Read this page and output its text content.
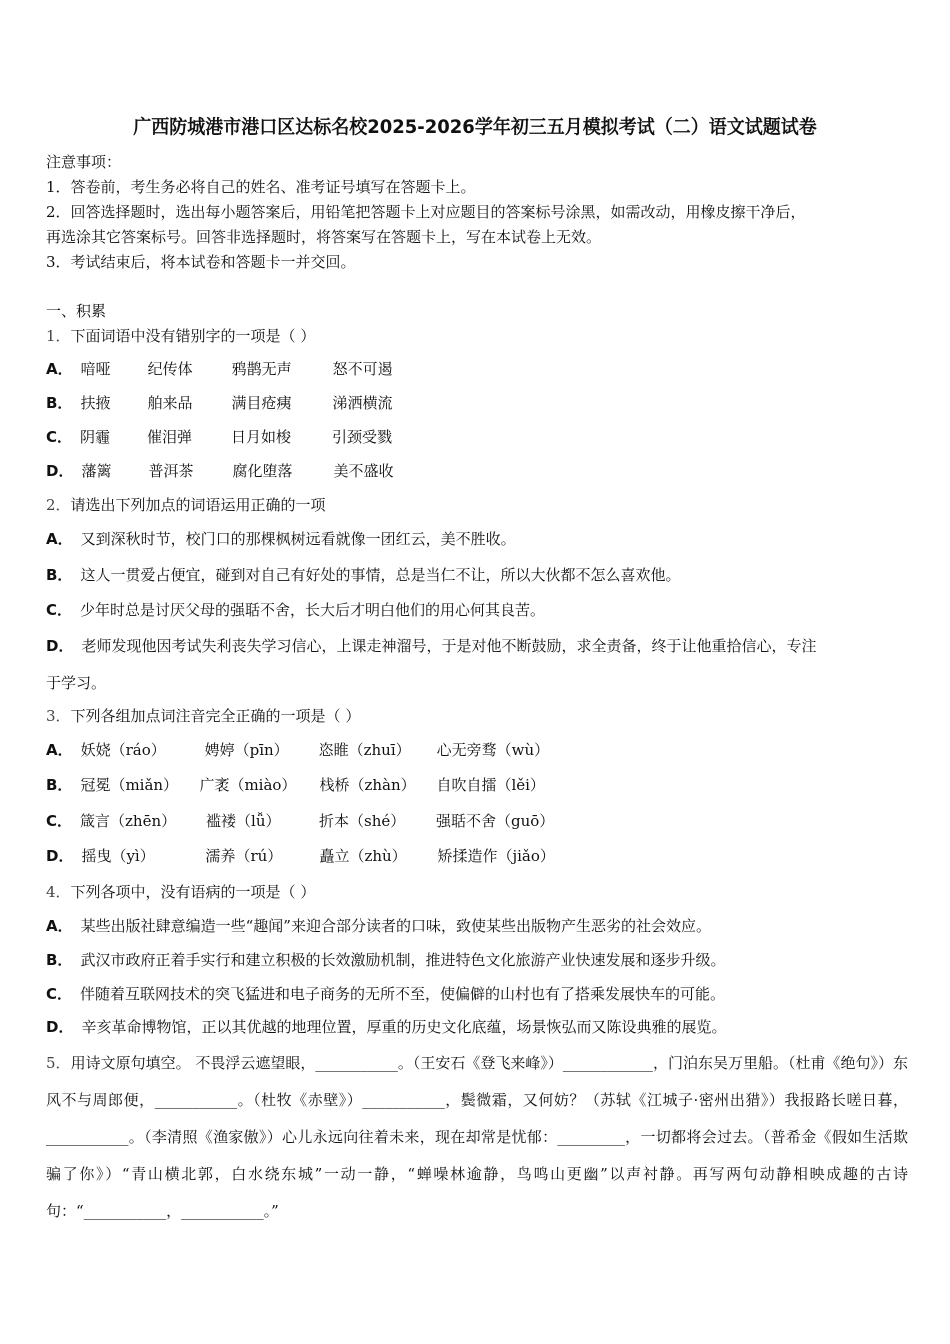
广西防城港市港口区达标名校2025-2026学年初三五月模拟考试（二）语文试题试卷
注意事项：
1．答卷前，考生务必将自己的姓名、准考证号填写在答题卡上。
2．回答选择题时，选出每小题答案后，用铅笔把答题卡上对应题目的答案标号涂黑，如需改动，用橡皮擦干净后，
再选涂其它答案标号。回答非选择题时，将答案写在答题卡上，写在本试卷上无效。
3．考试结束后，将本试卷和答题卡一并交回。
一、积累
1．下面词语中没有错别字的一项是（ ）
A． 喑哑 纪传体	鸦鹊无声	怒不可遏
B． 扶掖 舶来品	满目疮痍	涕洒横流
C． 阴霾 催泪弹	日月如梭	引颈受戮
D． 藩篱 普洱茶	腐化堕落	美不盛收
2．请选出下列加点的词语运用正确的一项
A． 又到深秋时节，校门口的那棵枫树远看就像一团红云，美不胜收。
B． 这人一贯爱占便宜，碰到对自己有好处的事情，总是当仁不让，所以大伙都不怎么喜欢他。
C． 少年时总是讨厌父母的强聒不舍，长大后才明白他们的用心何其良苦。
D． 老师发现他因考试失利丧失学习信心，上课走神溜号，于是对他不断鼓励，求全责备，终于让他重拾信心，专注
于学习。
3．下列各组加点词注音完全正确的一项是（ ）
A． 妖娆（ráo）	娉婷（pīn） 恣睢（zhuī） 心无旁骛（wù）
B． 冠冕（miǎn） 广袤（miào） 栈桥（zhàn） 自吹自擂（lěi）
C． 箴言（zhēn） 褴褛（lǚ）	折本（shé） 强聒不舍（guō）
D． 摇曳（yì）	濡养（rú） 矗立（zhù） 矫揉造作（jiǎo）
4．下列各项中，没有语病的一项是（ ）
A． 某些出版社肆意编造一些“趣闻”来迎合部分读者的口味，致使某些出版物产生恶劣的社会效应。
B． 武汉市政府正着手实行和建立积极的长效激励机制，推进特色文化旅游产业快速发展和逐步升级。
C． 伴随着互联网技术的突飞猛进和电子商务的无所不至，使偏僻的山村也有了搭乘发展快车的可能。
D． 辛亥革命博物馆，正以其优越的地理位置，厚重的历史文化底蕴，场景恢弘而又陈设典雅的展览。
5．用诗文原句填空。 不畏浮云遮望眼，___________。（王安石《登飞来峰》）____________，门泊东吴万里船。（杜甫《绝句》）东风不与周郎便，___________。（杜牧《赤壁》）___________，鬓微霜，又何妨？（苏轼《江城子·密州出猎》）我报路长嗟日暮，___________。（李清照《渔家傲》）心儿永远向往着未来，现在却常是忧郁：_________，一切都将会过去。（普希金《假如生活欺骗了你》）“青山横北郭，白水绕东城”一动一静，“蝉噪林逾静，鸟鸣山更幽”以声衬静。再写两句动静相映成趣的古诗句：“___________，___________。”
